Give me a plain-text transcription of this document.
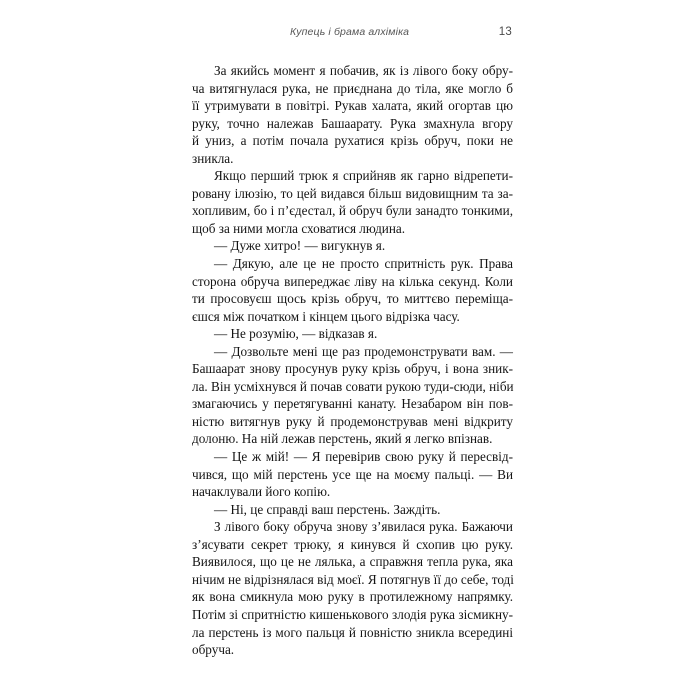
Купець і брама алхіміка	13

За якийсь момент я побачив, як із лівого боку обру-
ча витягнулася рука, не приєднана до тіла, яке могло б
її утримувати в повітрі. Рукав халата, який огортав цю
руку, точно належав Башаарату. Рука змахнула вгору
й униз, а потім почала рухатися крізь обруч, поки не
зникла.

Якщо перший трюк я сприйняв як гарно відрепети-
ровану ілюзію, то цей видався більш видовищним та за-
хопливим, бо і п’єдестал, й обруч були занадто тонкими,
щоб за ними могла сховатися людина.

— Дуже хитро! — вигукнув я.

— Дякую, але це не просто спритність рук. Права
сторона обруча випереджає ліву на кілька секунд. Коли
ти просовуєш щось крізь обруч, то миттєво переміща-
єшся між початком і кінцем цього відрізка часу.

— Не розумію, — відказав я.

— Дозвольте мені ще раз продемонструвати вам. —
Башаарат знову просунув руку крізь обруч, і вона зник-
ла. Він усміхнувся й почав совати рукою туди-сюди, ніби
змагаючись у перетягуванні канату. Незабаром він пов-
ністю витягнув руку й продемонстрував мені відкриту
долоню. На ній лежав перстень, який я легко впізнав.

— Це ж мій! — Я перевірив свою руку й пересвід-
чився, що мій перстень усе ще на моєму пальці. — Ви
начаклували його копію.

— Ні, це справді ваш перстень. Заждіть.

З лівого боку обруча знову з’явилася рука. Бажаючи
з’ясувати секрет трюку, я кинувся й схопив цю руку.
Виявилося, що це не лялька, а справжня тепла рука, яка
нічим не відрізнялася від моєї. Я потягнув її до себе, тоді
як вона смикнула мою руку в протилежному напрямку.
Потім зі спритністю кишенькового злодія рука зісмикну-
ла перстень із мого пальця й повністю зникла всередині
обруча.
